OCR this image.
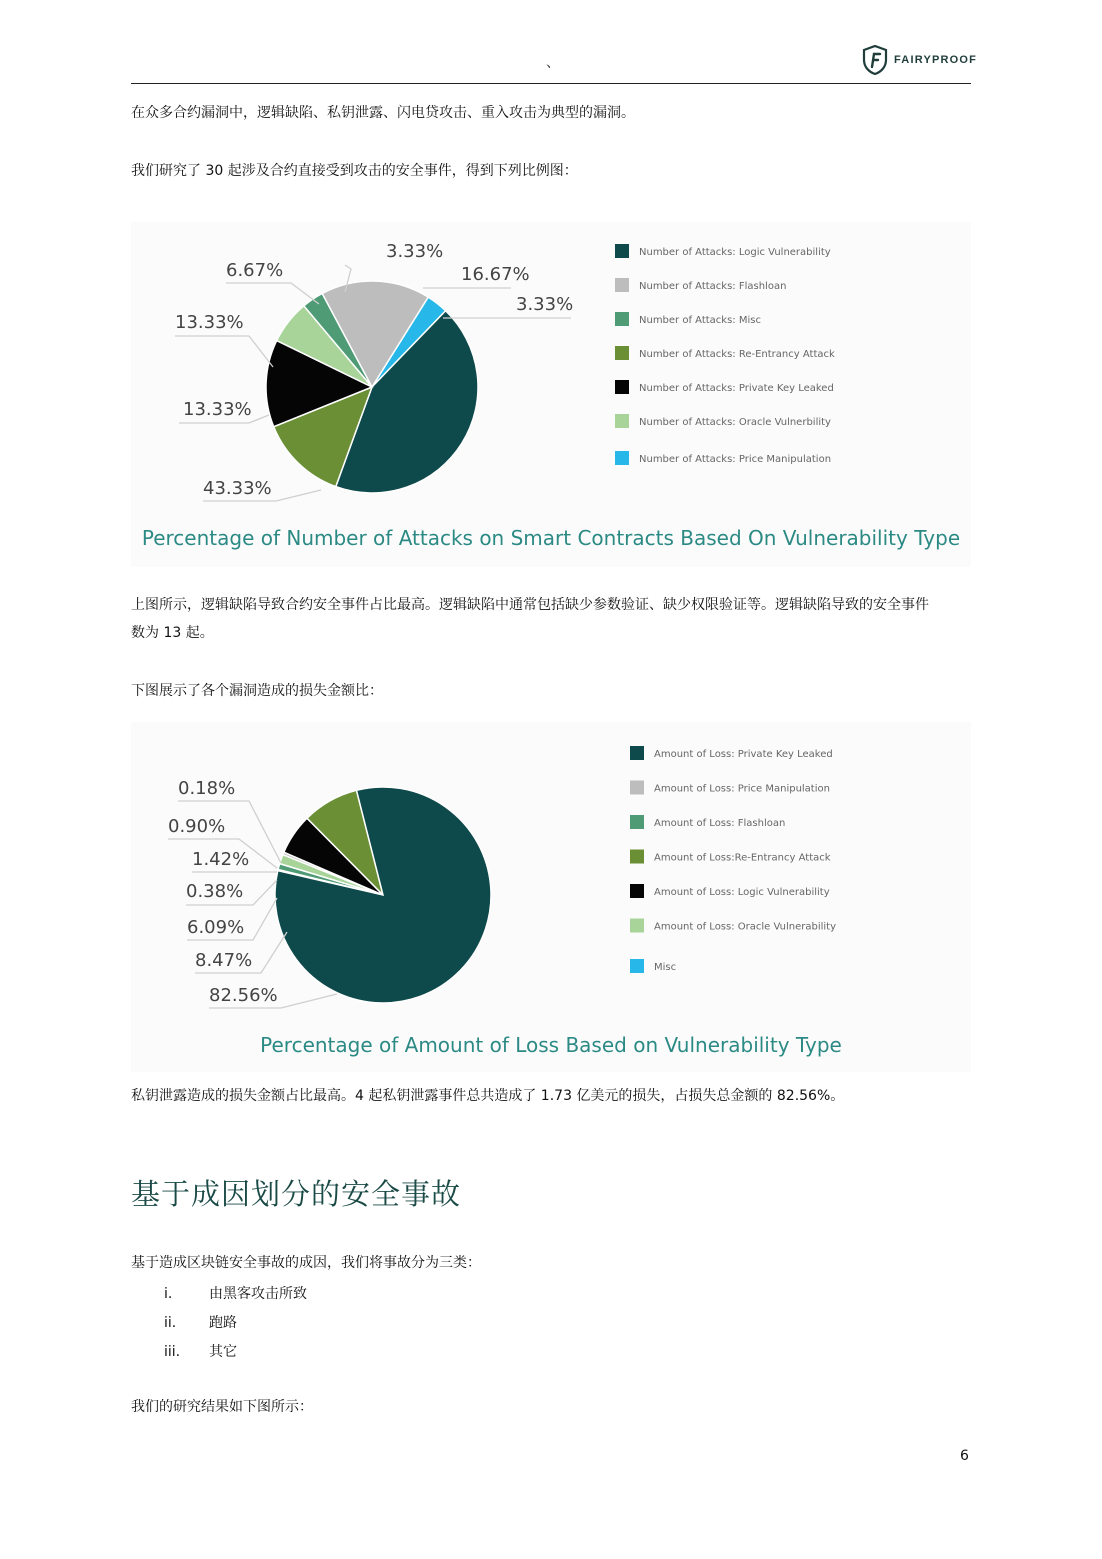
、	FAIRYPROOF
在众多合约漏洞中，逻辑缺陷、私钥泄露、闪电贷攻击、重入攻击为典型的漏洞。
我们研究了 30 起涉及合约直接受到攻击的安全事件，得到下列比例图：
43.33%
13.33%
13.33%
6.67%
3.33%
16.67%
3.33%
Number of Attacks: Logic Vulnerability
Number of Attacks: Flashloan
Number of Attacks: Misc
Number of Attacks: Re-Entrancy Attack
Number of Attacks: Private Key Leaked
Number of Attacks: Oracle Vulnerbility
Number of Attacks: Price Manipulation
Percentage of Number of Attacks on Smart Contracts Based On Vulnerability Type
上图所示，逻辑缺陷导致合约安全事件占比最高。逻辑缺陷中通常包括缺少参数验证、缺少权限验证等。逻辑缺陷导致的安全事件
数为 13 起。
下图展示了各个漏洞造成的损失金额比：
0.18%
0.90%
1.42%
0.38%
6.09%
8.47%
82.56%
Amount of Loss: Private Key Leaked
Amount of Loss: Price Manipulation
Amount of Loss: Flashloan
Amount of Loss:Re-Entrancy Attack
Amount of Loss: Logic Vulnerability
Amount of Loss: Oracle Vulnerability
Misc
Percentage of Amount of Loss Based on Vulnerability Type
私钥泄露造成的损失金额占比最高。4 起私钥泄露事件总共造成了 1.73 亿美元的损失，占损失总金额的 82.56%。
基于成因划分的安全事故
基于造成区块链安全事故的成因，我们将事故分为三类：
i.	由黑客攻击所致
ii.	跑路
iii.	其它
我们的研究结果如下图所示：
6
